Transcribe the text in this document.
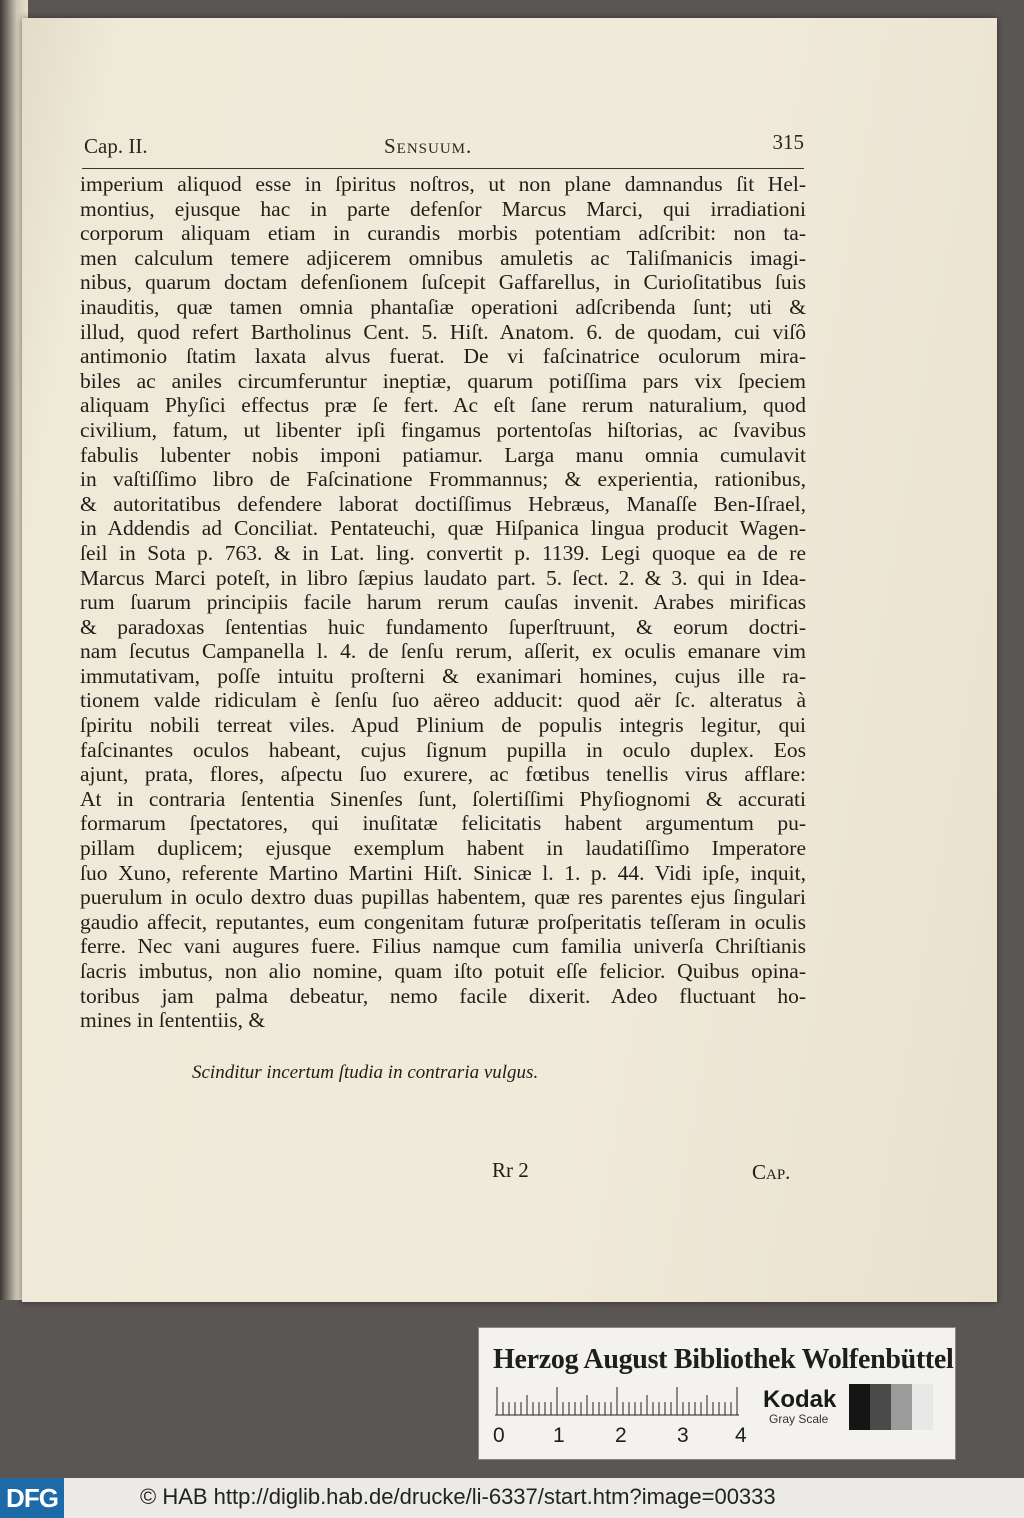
Cap. II.	Sensuum.	315
imperium aliquod esse in ſpiritus noſtros, ut non plane damnandus ſit Hel-
montius, ejusque hac in parte defenſor Marcus Marci, qui irradiationi
corporum aliquam etiam in curandis morbis potentiam adſcribit: non ta-
men calculum temere adjicerem omnibus amuletis ac Taliſmanicis imagi-
nibus, quarum doctam defenſionem ſuſcepit Gaffarellus, in Curioſitatibus ſuis
inauditis, quæ tamen omnia phantaſiæ operationi adſcribenda ſunt; uti &
illud, quod refert Bartholinus Cent. 5. Hiſt. Anatom. 6. de quodam, cui viſô
antimonio ſtatim laxata alvus fuerat. De vi faſcinatrice oculorum mira-
biles ac aniles circumferuntur ineptiæ, quarum potiſſima pars vix ſpeciem
aliquam Phyſici effectus præ ſe fert. Ac eſt ſane rerum naturalium, quod
civilium, fatum, ut libenter ipſi fingamus portentoſas hiſtorias, ac ſvavibus
fabulis lubenter nobis imponi patiamur. Larga manu omnia cumulavit
in vaſtiſſimo libro de Faſcinatione Frommannus; & experientia, rationibus,
& autoritatibus defendere laborat doctiſſimus Hebræus, Manaſſe Ben-Iſrael,
in Addendis ad Conciliat. Pentateuchi, quæ Hiſpanica lingua producit Wagen-
ſeil in Sota p. 763. & in Lat. ling. convertit p. 1139. Legi quoque ea de re
Marcus Marci poteſt, in libro ſæpius laudato part. 5. ſect. 2. & 3. qui in Idea-
rum ſuarum principiis facile harum rerum cauſas invenit. Arabes mirificas
& paradoxas ſententias huic fundamento ſuperſtruunt, & eorum doctri-
nam ſecutus Campanella l. 4. de ſenſu rerum, aſſerit, ex oculis emanare vim
immutativam, poſſe intuitu proſterni & exanimari homines, cujus ille ra-
tionem valde ridiculam è ſenſu ſuo aëreo adducit: quod aër ſc. alteratus à
ſpiritu nobili terreat viles. Apud Plinium de populis integris legitur, qui
faſcinantes oculos habeant, cujus ſignum pupilla in oculo duplex. Eos
ajunt, prata, flores, aſpectu ſuo exurere, ac fœtibus tenellis virus afflare:
At in contraria ſententia Sinenſes ſunt, ſolertiſſimi Phyſiognomi & accurati
formarum ſpectatores, qui inuſitatæ felicitatis habent argumentum pu-
pillam duplicem; ejusque exemplum habent in laudatiſſimo Imperatore
ſuo Xuno, referente Martino Martini Hiſt. Sinicæ l. 1. p. 44. Vidi ipſe, inquit,
puerulum in oculo dextro duas pupillas habentem, quæ res parentes ejus ſingulari
gaudio affecit, reputantes, eum congenitam futuræ proſperitatis teſſeram in oculis
ferre. Nec vani augures fuere. Filius namque cum familia univerſa Chriſtianis
ſacris imbutus, non alio nomine, quam iſto potuit eſſe felicior. Quibus opina-
toribus jam palma debeatur, nemo facile dixerit. Adeo fluctuant ho-
mines in ſententiis, &
Scinditur incertum ſtudia in contraria vulgus.
Rr 2	Cap.
Herzog August Bibliothek Wolfenbüttel
0 1 2 3 4
Kodak
Gray Scale
DFG	© HAB http://diglib.hab.de/drucke/li-6337/start.htm?image=00333
